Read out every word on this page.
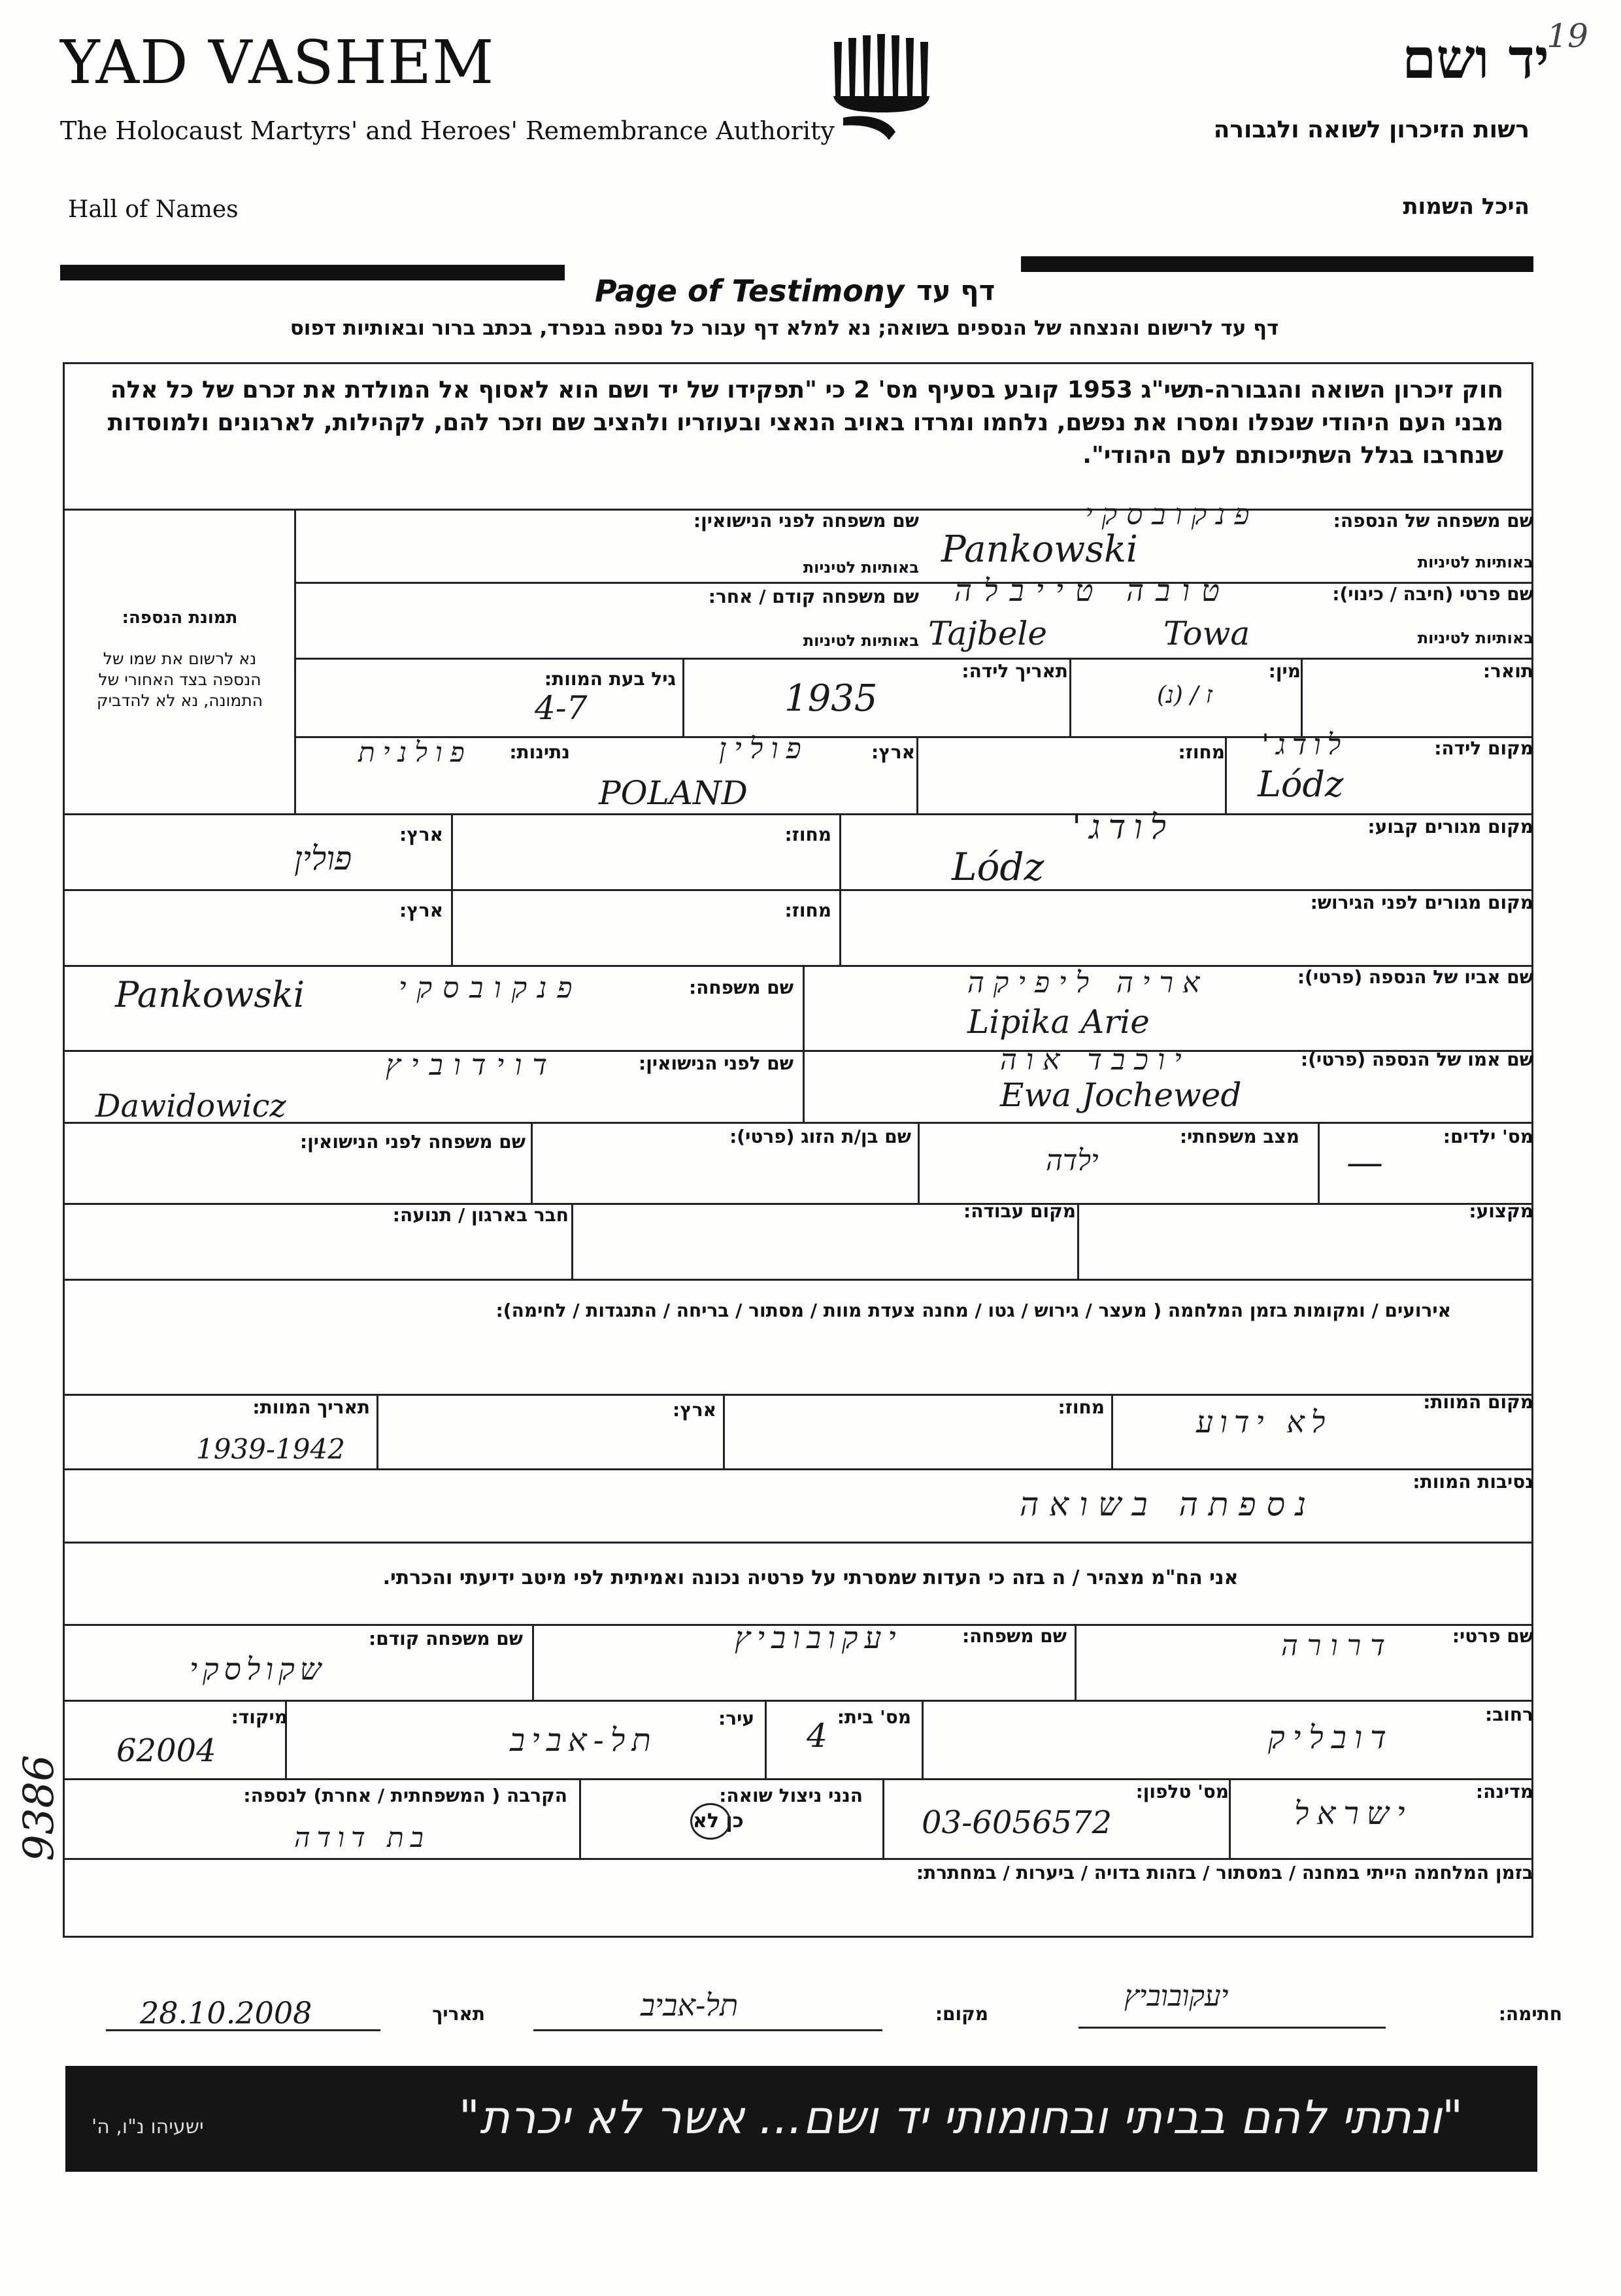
YAD VASHEM
The Holocaust Martyrs' and Heroes' Remembrance Authority
Hall of Names
יד ושם
19
רשות הזיכרון לשואה ולגבורה
היכל השמות
Page of Testimony דף עד
דף עד לרישום והנצחה של הנספים בשואה; נא למלא דף עבור כל נספה בנפרד, בכתב ברור ובאותיות דפוס
חוק זיכרון השואה והגבורה-תשי"ג 1953 קובע בסעיף מס' 2 כי "תפקידו של יד ושם הוא לאסוף אל המולדת את זכרם של כל אלה מבני העם היהודי שנפלו ומסרו את נפשם, נלחמו ומרדו באויב הנאצי ובעוזריו ולהציב שם וזכר להם, לקהילות, לארגונים ולמוסדות שנחרבו בגלל השתייכותם לעם היהודי".
תמונת הנספה:
נא לרשום את שמו של הנספה בצד האחורי של התמונה, נא לא להדביק
שם משפחה של הנספה:
באותיות לטיניות
שם משפחה לפני הנישואין:
באותיות לטיניות
פנקובסקי
Pankowski
שם פרטי (חיבה / כינוי):
באותיות לטיניות
שם משפחה קודם / אחר:
באותיות לטיניות
טובה טייבלה
Towa
Tajbele
תואר:
מין:
ז / (נ)
תאריך לידה:
1935
גיל בעת המוות:
4-7
מקום לידה:
לודג'
Lódz
מחוז:
ארץ:
פולין
POLAND
נתינות:
פולנית
מקום מגורים קבוע:
לודג'
Lódz
מחוז:
ארץ:
פולין
מקום מגורים לפני הגירוש:
מחוז:
ארץ:
שם אביו של הנספה (פרטי):
אריה ליפיקה
Lipika Arie
שם משפחה:
פנקובסקי
Pankowski
שם אמו של הנספה (פרטי):
יוכבד אוה
Ewa Jochewed
שם לפני הנישואין:
דוידוביץ
Dawidowicz
מס' ילדים:
—
מצב משפחתי:
ילדה
שם בן/ת הזוג (פרטי):
שם משפחה לפני הנישואין:
מקצוע:
מקום עבודה:
חבר בארגון / תנועה:
אירועים / ומקומות בזמן המלחמה ( מעצר / גירוש / גטו / מחנה צעדת מוות / מסתור / בריחה / התנגדות / לחימה):
מקום המוות:
לא ידוע
מחוז:
ארץ:
תאריך המוות:
1939-1942
נסיבות המוות:
נספתה בשואה
אני הח"מ מצהיר / ה בזה כי העדות שמסרתי על פרטיה נכונה ואמיתית לפי מיטב ידיעתי והכרתי.
שם פרטי:
דרורה
שם משפחה:
יעקובוביץ
שם משפחה קודם:
שקולסקי
רחוב:
דובליק
מס' בית:
4
עיר:
תל-אביב
מיקוד:
62004
מדינה:
ישראל
מס' טלפון:
03-6056572
הנני ניצול שואה:
כן לא
הקרבה ( המשפחתית / אחרת) לנספה:
בת דודה
בזמן המלחמה הייתי במחנה / במסתור / בזהות בדויה / ביערות / במחתרת:
9386
חתימה:
יעקובוביץ
מקום:
תל-אביב
תאריך
28.10.2008
"ונתתי להם בביתי ובחומותי יד ושם... אשר לא יכרת"
ישעיהו נ"ו, ה'
